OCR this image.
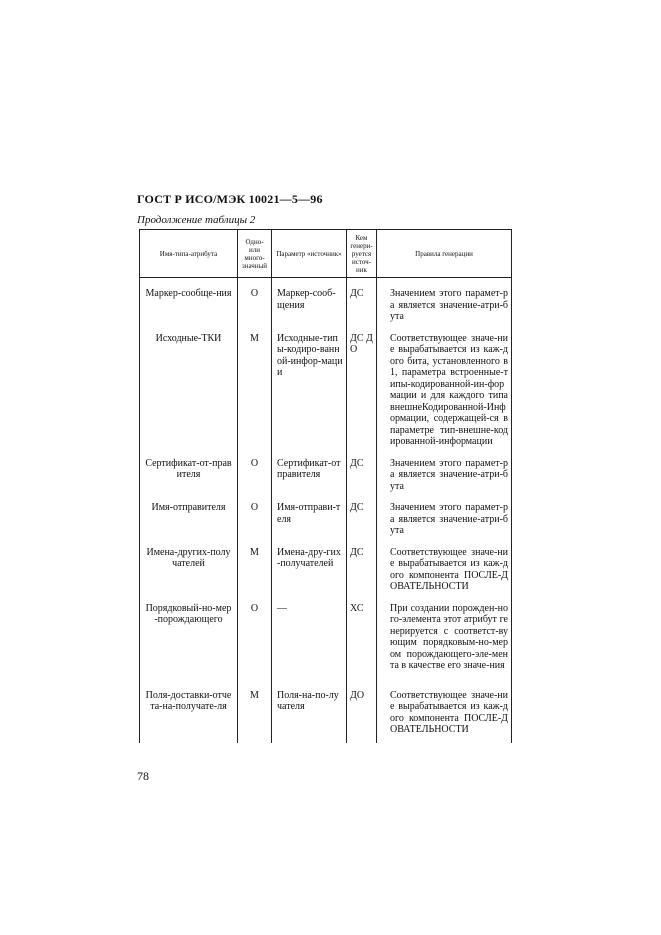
ГОСТ Р ИСО/МЭК 10021—5—96
Продолжение таблицы 2
Имя-типа-атрибута	Одно-или много-значный	Параметр «источник»	Кем генери-руется источ-ник	Правила генерации

Маркер-сообще-ния	О	Маркер-сооб-щения	ДС	Значением этого парамет-ра является значение-атри-бута

Исходные-ТКИ	М	Исходные-типы-кодиро-ванной-инфор-мации	ДС ДО	Соответствующее значе-ние вырабатывается из каж-дого бита, установленного в 1, параметра встроенные-типы-кодированной-ин-формации и для каждого типа внешнеКодированной-Информации, содержащей-ся в параметре тип-внешне-кодированной-информации

Сертификат-от-правителя	О	Сертификат-отправителя	ДС	Значением этого парамет-ра является значение-атри-бута

Имя-отправителя	О	Имя-отправи-теля	ДС	Значением этого парамет-ра является значение-атри-бута

Имена-других-получателей	М	Имена-дру-гих-получателей	ДС	Соответствующее значе-ние вырабатывается из каж-дого компонента ПОСЛЕ-ДОВАТЕЛЬНОСТИ

Порядковый-но-мер-порождающего	О	—	ХС	При создании порожден-ного-элемента этот атрибут генерируется с соответст-вующим порядковым-но-мером порождающего-эле-мента в качестве его значе-ния

Поля-доставки-отчета-на-получате-ля	М	Поля-на-по-лучателя	ДО	Соответствующее значе-ние вырабатывается из каж-дого компонента ПОСЛЕ-ДОВАТЕЛЬНОСТИ
78
